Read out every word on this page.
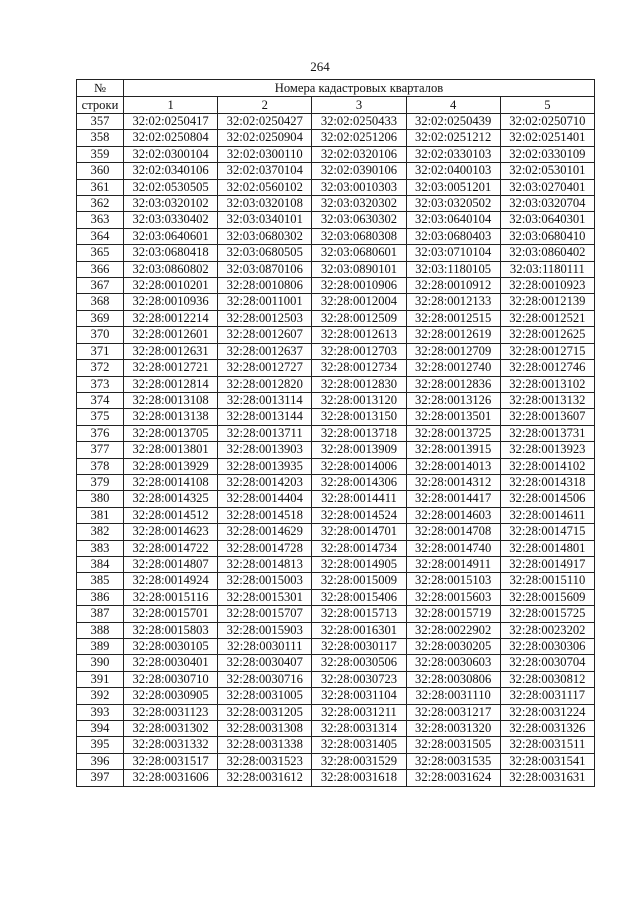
264
№	Номера кадастровых кварталов				
строки	1	2	3	4	5
357	32:02:0250417	32:02:0250427	32:02:0250433	32:02:0250439	32:02:0250710
358	32:02:0250804	32:02:0250904	32:02:0251206	32:02:0251212	32:02:0251401
359	32:02:0300104	32:02:0300110	32:02:0320106	32:02:0330103	32:02:0330109
360	32:02:0340106	32:02:0370104	32:02:0390106	32:02:0400103	32:02:0530101
361	32:02:0530505	32:02:0560102	32:03:0010303	32:03:0051201	32:03:0270401
362	32:03:0320102	32:03:0320108	32:03:0320302	32:03:0320502	32:03:0320704
363	32:03:0330402	32:03:0340101	32:03:0630302	32:03:0640104	32:03:0640301
364	32:03:0640601	32:03:0680302	32:03:0680308	32:03:0680403	32:03:0680410
365	32:03:0680418	32:03:0680505	32:03:0680601	32:03:0710104	32:03:0860402
366	32:03:0860802	32:03:0870106	32:03:0890101	32:03:1180105	32:03:1180111
367	32:28:0010201	32:28:0010806	32:28:0010906	32:28:0010912	32:28:0010923
368	32:28:0010936	32:28:0011001	32:28:0012004	32:28:0012133	32:28:0012139
369	32:28:0012214	32:28:0012503	32:28:0012509	32:28:0012515	32:28:0012521
370	32:28:0012601	32:28:0012607	32:28:0012613	32:28:0012619	32:28:0012625
371	32:28:0012631	32:28:0012637	32:28:0012703	32:28:0012709	32:28:0012715
372	32:28:0012721	32:28:0012727	32:28:0012734	32:28:0012740	32:28:0012746
373	32:28:0012814	32:28:0012820	32:28:0012830	32:28:0012836	32:28:0013102
374	32:28:0013108	32:28:0013114	32:28:0013120	32:28:0013126	32:28:0013132
375	32:28:0013138	32:28:0013144	32:28:0013150	32:28:0013501	32:28:0013607
376	32:28:0013705	32:28:0013711	32:28:0013718	32:28:0013725	32:28:0013731
377	32:28:0013801	32:28:0013903	32:28:0013909	32:28:0013915	32:28:0013923
378	32:28:0013929	32:28:0013935	32:28:0014006	32:28:0014013	32:28:0014102
379	32:28:0014108	32:28:0014203	32:28:0014306	32:28:0014312	32:28:0014318
380	32:28:0014325	32:28:0014404	32:28:0014411	32:28:0014417	32:28:0014506
381	32:28:0014512	32:28:0014518	32:28:0014524	32:28:0014603	32:28:0014611
382	32:28:0014623	32:28:0014629	32:28:0014701	32:28:0014708	32:28:0014715
383	32:28:0014722	32:28:0014728	32:28:0014734	32:28:0014740	32:28:0014801
384	32:28:0014807	32:28:0014813	32:28:0014905	32:28:0014911	32:28:0014917
385	32:28:0014924	32:28:0015003	32:28:0015009	32:28:0015103	32:28:0015110
386	32:28:0015116	32:28:0015301	32:28:0015406	32:28:0015603	32:28:0015609
387	32:28:0015701	32:28:0015707	32:28:0015713	32:28:0015719	32:28:0015725
388	32:28:0015803	32:28:0015903	32:28:0016301	32:28:0022902	32:28:0023202
389	32:28:0030105	32:28:0030111	32:28:0030117	32:28:0030205	32:28:0030306
390	32:28:0030401	32:28:0030407	32:28:0030506	32:28:0030603	32:28:0030704
391	32:28:0030710	32:28:0030716	32:28:0030723	32:28:0030806	32:28:0030812
392	32:28:0030905	32:28:0031005	32:28:0031104	32:28:0031110	32:28:0031117
393	32:28:0031123	32:28:0031205	32:28:0031211	32:28:0031217	32:28:0031224
394	32:28:0031302	32:28:0031308	32:28:0031314	32:28:0031320	32:28:0031326
395	32:28:0031332	32:28:0031338	32:28:0031405	32:28:0031505	32:28:0031511
396	32:28:0031517	32:28:0031523	32:28:0031529	32:28:0031535	32:28:0031541
397	32:28:0031606	32:28:0031612	32:28:0031618	32:28:0031624	32:28:0031631
